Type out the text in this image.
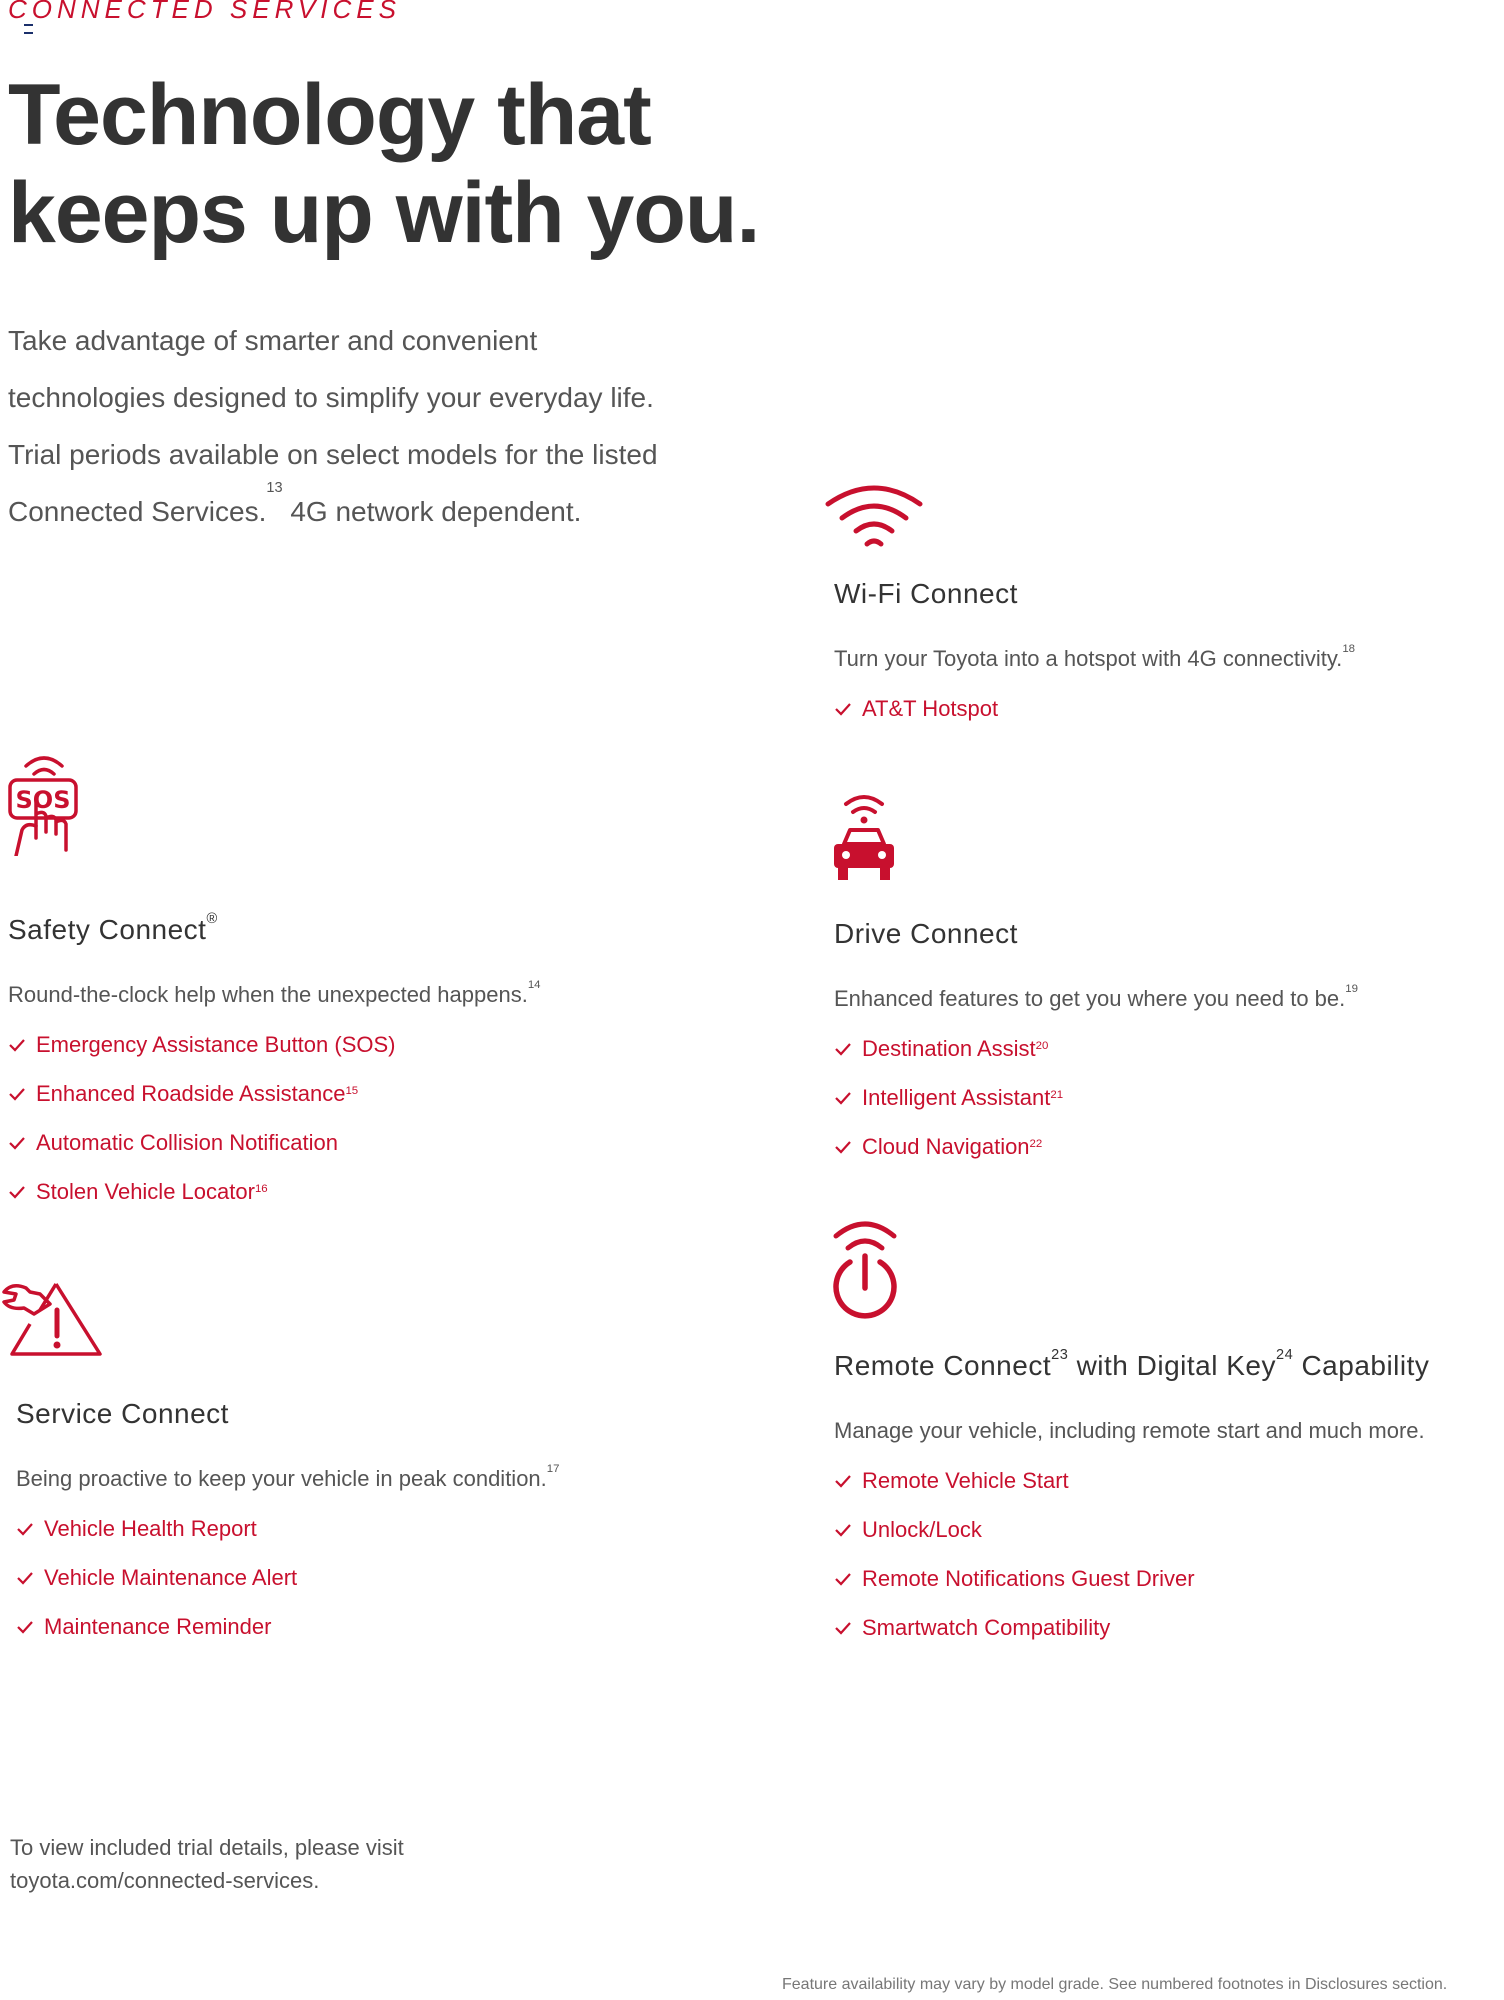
CONNECTED SERVICES
Technology that
keeps up with you.

Take advantage of smarter and convenient
technologies designed to simplify your everyday life.
Trial periods available on select models for the listed
Connected Services.$^{13}$ 4G network dependent.

Wi-Fi Connect

Turn your Toyota into a hotspot with 4G connectivity.$^{18}$

AT&T Hotspot
SOS

Safety Connect®

Round-the-clock help when the unexpected happens.$^{14}$

Emergency Assistance Button (SOS)
Enhanced Roadside Assistance$^{15}$
Automatic Collision Notification
Stolen Vehicle Locator$^{16}$

Drive Connect

Enhanced features to get you where you need to be.$^{19}$

Destination Assist$^{20}$
Intelligent Assistant$^{21}$
Cloud Navigation$^{22}$

Service Connect

Being proactive to keep your vehicle in peak condition.$^{17}$

Vehicle Health Report
Vehicle Maintenance Alert
Maintenance Reminder

Remote Connect$^{23}$ with Digital Key$^{24}$ Capability

Manage your vehicle, including remote start and much more.

Remote Vehicle Start
Unlock/Lock
Remote Notifications Guest Driver
Smartwatch Compatibility

To view included trial details, please visit
toyota.com/connected-services.

Feature availability may vary by model grade. See numbered footnotes in Disclosures section.
